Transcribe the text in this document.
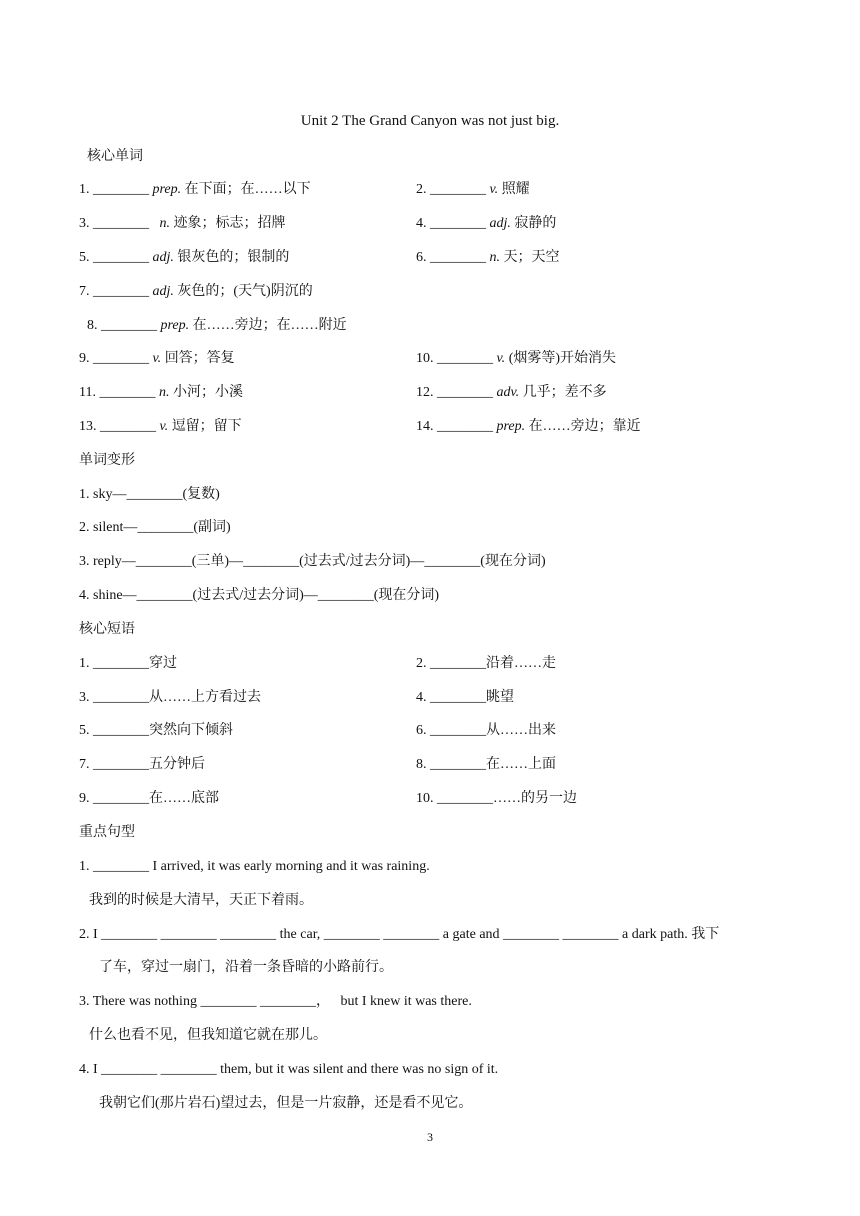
Unit 2 The Grand Canyon was not just big.
核心单词
1. ________ prep. 在下面；在……以下	2. ________ v. 照耀
3. ________   n. 迹象；标志；招牌	4. ________ adj. 寂静的
5. ________ adj. 银灰色的；银制的	6. ________ n. 天；天空
7. ________ adj. 灰色的；(天气)阴沉的
8. ________ prep. 在……旁边；在……附近
9. ________ v. 回答；答复	10. ________ v. (烟雾等)开始消失
11. ________ n. 小河；小溪	12. ________ adv. 几乎；差不多
13. ________ v. 逗留；留下	14. ________ prep. 在……旁边；靠近
单词变形
1. sky—________(复数)
2. silent—________(副词)
3. reply—________(三单)—________(过去式/过去分词)—________(现在分词)
4. shine—________(过去式/过去分词)—________(现在分词)
核心短语
1. ________穿过	2. ________沿着……走
3. ________从……上方看过去	4. ________眺望
5. ________突然向下倾斜	6. ________从……出来
7. ________五分钟后	8. ________在……上面
9. ________在……底部	10. ________……的另一边
重点句型
1. ________ I arrived, it was early morning and it was raining.
我到的时候是大清早，天正下着雨。
2. I ________ ________ ________ the car, ________ ________ a gate and ________ ________ a dark path. 我下
了车，穿过一扇门，沿着一条昏暗的小路前行。
3. There was nothing ________ ________，   but I knew it was there.
什么也看不见，但我知道它就在那儿。
4. I ________ ________ them, but it was silent and there was no sign of it.
我朝它们(那片岩石)望过去，但是一片寂静，还是看不见它。
3
